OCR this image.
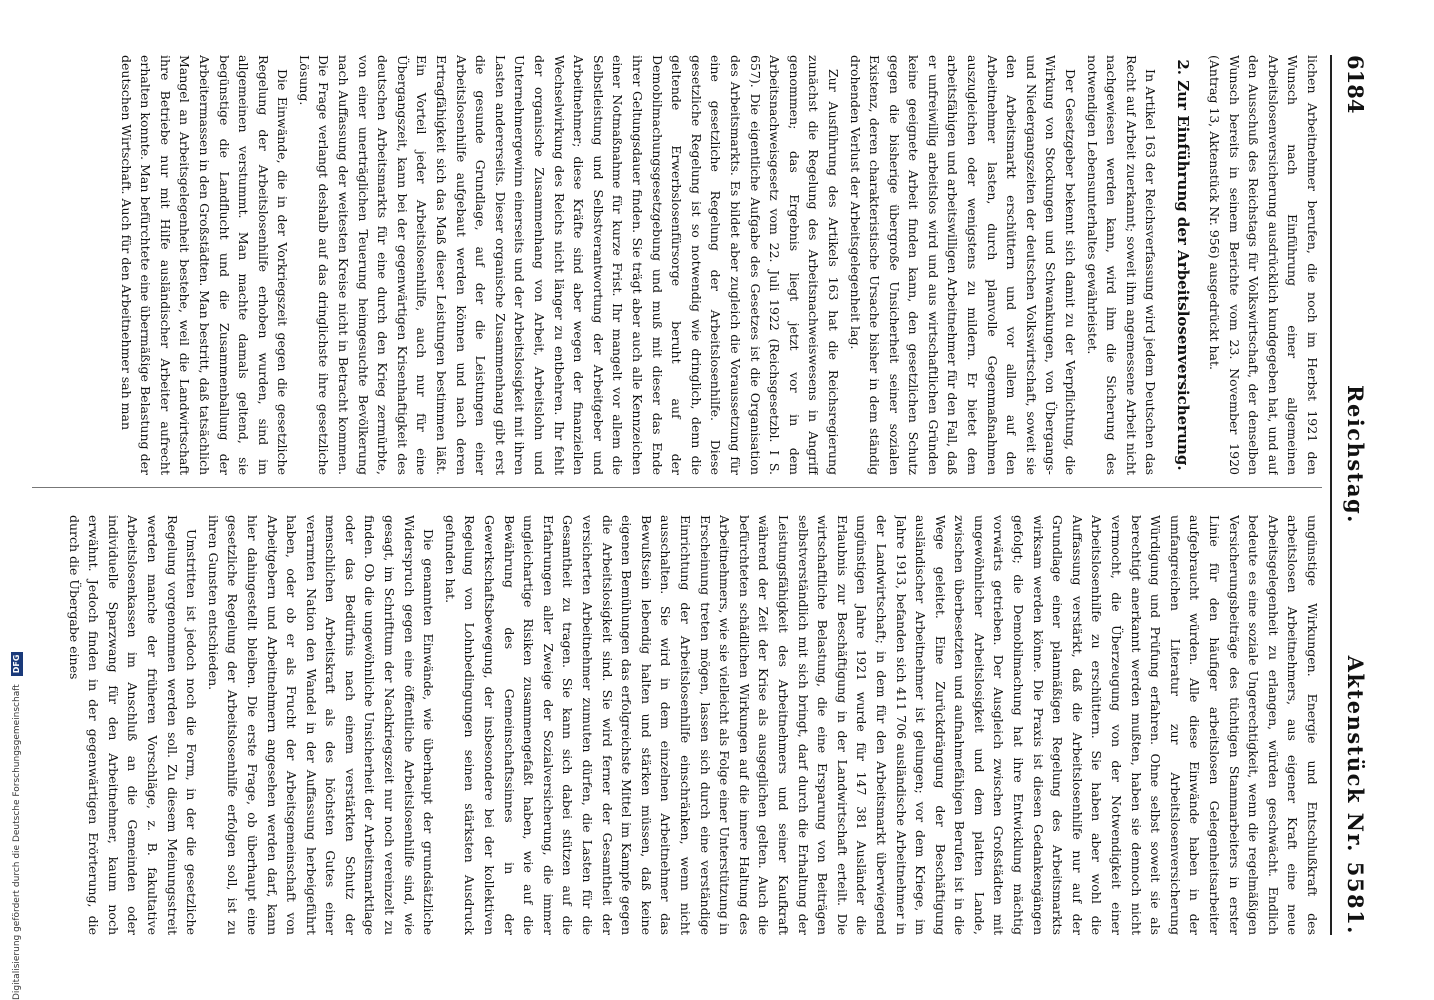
6184
Reichstag.
Aktenstück Nr. 5581.

lichen Arbeitnehmer berufen, die noch im Herbst 1921 den Wunsch nach Einführung einer allgemeinen Arbeitslosenversicherung ausdrücklich kundgegeben hat, und auf den Ausschuß des Reichstags für Volkswirtschaft, der denselben Wunsch bereits in seinem Berichte vom 23. November 1920 (Antrag 13, Aktenstück Nr. 956) ausgedrückt hat.

2. Zur Einführung der Arbeitslosenversicherung.

In Artikel 163 der Reichsverfassung wird jedem Deutschen das Recht auf Arbeit zuerkannt; soweit ihm angemessene Arbeit nicht nachgewiesen werden kann, wird ihm die Sicherung des notwendigen Lebensunterhaltes gewährleistet.

Der Gesetzgeber bekennt sich damit zu der Verpflichtung, die Wirkung von Stockungen und Schwankungen, von Übergangs- und Niedergangszeiten der deutschen Volkswirtschaft, soweit sie den Arbeitsmarkt erschüttern und vor allem auf den Arbeitnehmer lasten, durch planvolle Gegenmaßnahmen auszugleichen oder wenigstens zu mildern. Er bietet dem arbeitsfähigen und arbeitswilligen Arbeitnehmer für den Fall, daß er unfreiwillig arbeitslos wird und aus wirtschaftlichen Gründen keine geeignete Arbeit finden kann, den gesetzlichen Schutz gegen die bisherige übergroße Unsicherheit seiner sozialen Existenz, deren charakteristische Ursache bisher in dem ständig drohenden Verlust der Arbeitsgelegenheit lag.

Zur Ausführung des Artikels 163 hat die Reichsregierung zunächst die Regelung des Arbeitsnachweiswesens in Angriff genommen; das Ergebnis liegt jetzt vor in dem Arbeitsnachweisgesetz vom 22. Juli 1922 (Reichsgesetzbl. I S. 657). Die eigentliche Aufgabe des Gesetzes ist die Organisation des Arbeitsmarkts. Es bildet aber zugleich die Voraussetzung für eine gesetzliche Regelung der Arbeitslosenhilfe. Diese gesetzliche Regelung ist so notwendig wie dringlich, denn die geltende Erwerbslosenfürsorge beruht auf der Demobilmachungsgesetzgebung und muß mit dieser das Ende ihrer Geltungsdauer finden. Sie trägt aber auch alle Kennzeichen einer Notmaßnahme für kurze Frist. Ihr mangelt vor allem die Selbstleistung und Selbstverantwortung der Arbeitgeber und Arbeitnehmer; diese Kräfte sind aber wegen der finanziellen Wechselwirkung des Reichs nicht länger zu entbehren. Ihr fehlt der organische Zusammenhang von Arbeit, Arbeitslohn und Unternehmergewinn einerseits und der Arbeitslosigkeit mit ihren Lasten andererseits. Dieser organische Zusammenhang gibt erst die gesunde Grundlage, auf der die Leistungen einer Arbeitslosenhilfe aufgebaut werden können und nach deren Ertragfähigkeit sich das Maß dieser Leistungen bestimmen läßt. Ein Vorteil jeder Arbeitslosenhilfe, auch nur für eine Übergangszeit, kann bei der gegenwärtigen Krisenhaftigkeit des deutschen Arbeitsmarkts für eine durch den Krieg zermürbte, von einer unerträglichen Teuerung heimgesuchte Bevölkerung nach Auffassung der weitesten Kreise nicht in Betracht kommen. Die Frage verlangt deshalb auf das dringlichste ihre gesetzliche Lösung.

Die Einwände, die in der Vorkriegszeit gegen die gesetzliche Regelung der Arbeitslosenhilfe erhoben wurden, sind im allgemeinen verstummt. Man machte damals geltend, sie begünstige die Landflucht und die Zusammenballung der Arbeitermassen in den Großstädten. Man bestritt, daß tatsächlich Mangel an Arbeitsgelegenheit bestehe, weil die Landwirtschaft ihre Betriebe nur mit Hilfe ausländischer Arbeiter aufrecht erhalten konnte. Man befürchtete eine übermäßige Belastung der deutschen Wirtschaft. Auch für den Arbeitnehmer sah man

ungünstige Wirkungen. Energie und Entschlußkraft des arbeitslosen Arbeitnehmers, aus eigener Kraft eine neue Arbeitsgelegenheit zu erlangen, würden geschwächt. Endlich bedeute es eine soziale Ungerechtigkeit, wenn die regelmäßigen Versicherungsbeiträge des tüchtigen Stammarbeiters in erster Linie für den häufiger arbeitslosen Gelegenheitsarbeiter aufgebraucht würden. Alle diese Einwände haben in der umfangreichen Literatur zur Arbeitslosenversicherung Würdigung und Prüfung erfahren. Ohne selbst soweit sie als berechtigt anerkannt werden mußten, haben sie dennoch nicht vermocht, die Überzeugung von der Notwendigkeit einer Arbeitslosenhilfe zu erschüttern. Sie haben aber wohl die Auffassung verstärkt, daß die Arbeitslosenhilfe nur auf der Grundlage einer planmäßigen Regelung des Arbeitsmarkts wirksam werden könne. Die Praxis ist diesen Gedankengängen gefolgt; die Demobilmachung hat ihre Entwicklung mächtig vorwärts getrieben. Der Ausgleich zwischen Großstädten mit ungewöhnlicher Arbeitslosigkeit und dem platten Lande, zwischen überbesetzten und aufnahmefähigen Berufen ist in die Wege geleitet. Eine Zurückdrängung der Beschäftigung ausländischer Arbeitnehmer ist gelungen; vor dem Kriege, im Jahre 1913, befanden sich 411 706 ausländische Arbeitnehmer in der Landwirtschaft; in dem für den Arbeitsmarkt überwiegend ungünstigen Jahre 1921 wurde für 147 381 Ausländer die Erlaubnis zur Beschäftigung in der Landwirtschaft erteilt. Die wirtschaftliche Belastung, die eine Ersparung von Beiträgen selbstverständlich mit sich bringt, darf durch die Erhaltung der Leistungsfähigkeit des Arbeitnehmers und seiner Kaufkraft während der Zeit der Krise als ausgeglichen gelten. Auch die befürchteten schädlichen Wirkungen auf die innere Haltung des Arbeitnehmers, wie sie vielleicht als Folge einer Unterstützung in Erscheinung treten mögen, lassen sich durch eine verständige Einrichtung der Arbeitslosenhilfe einschränken, wenn nicht ausschalten. Sie wird in dem einzelnen Arbeitnehmer das Bewußtsein lebendig halten und stärken müssen, daß keine eigenen Bemühungen das erfolgreichste Mittel im Kampfe gegen die Arbeitslosigkeit sind. Sie wird ferner der Gesamtheit der versicherten Arbeitnehmer zumuten dürfen, die Lasten für die Gesamtheit zu tragen. Sie kann sich dabei stützen auf die Erfahrungen aller Zweige der Sozialversicherung, die immer ungleichartige Risiken zusammengefaßt haben, wie auf die Bewährung des Gemeinschaftssinnes in der Gewerkschaftsbewegung, der insbesondere bei der kollektiven Regelung von Lohnbedingungen seinen stärksten Ausdruck gefunden hat.

Die genannten Einwände, wie überhaupt der grundsätzliche Widerspruch gegen eine öffentliche Arbeitslosenhilfe sind, wie gesagt, im Schrifttum der Nachkriegszeit nur noch vereinzelt zu finden. Ob die ungewöhnliche Unsicherheit der Arbeitsmarktlage oder das Bedürfnis nach einem verstärkten Schutz der menschlichen Arbeitskraft als des höchsten Gutes einer verarmten Nation den Wandel in der Auffassung herbeigeführt haben, oder ob er als Frucht der Arbeitsgemeinschaft von Arbeitgebern und Arbeitnehmern angesehen werden darf, kann hier dahingestellt bleiben. Die erste Frage, ob überhaupt eine gesetzliche Regelung der Arbeitslosenhilfe erfolgen soll, ist zu ihren Gunsten entschieden.

Umstritten ist jedoch noch die Form, in der die gesetzliche Regelung vorgenommen werden soll. Zu diesem Meinungsstreit werden manche der früheren Vorschläge, z. B. fakultative Arbeitslosenkassen im Anschluß an die Gemeinden oder individuelle Sparzwang für den Arbeitnehmer, kaum noch erwähnt. Jedoch finden in der gegenwärtigen Erörterung, die durch die Übergabe eines

Digitalisierung gefördert durch die Deutsche Forschungsgemeinschaft
DFG
